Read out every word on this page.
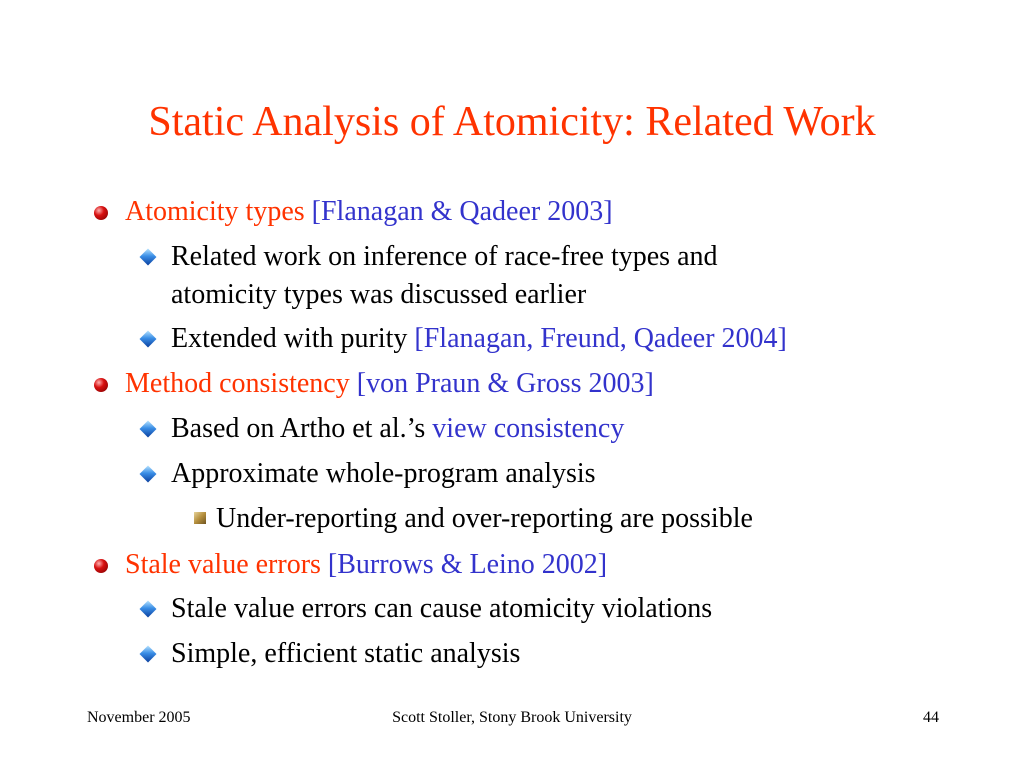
Static Analysis of Atomicity: Related Work
Atomicity types [Flanagan & Qadeer 2003]
Related work on inference of race-free types and
atomicity types was discussed earlier
Extended with purity [Flanagan, Freund, Qadeer 2004]
Method consistency [von Praun & Gross 2003]
Based on Artho et al.’s view consistency
Approximate whole-program analysis
Under-reporting and over-reporting are possible
Stale value errors [Burrows & Leino 2002]
Stale value errors can cause atomicity violations
Simple, efficient static analysis
November 2005	Scott Stoller, Stony Brook University	44
